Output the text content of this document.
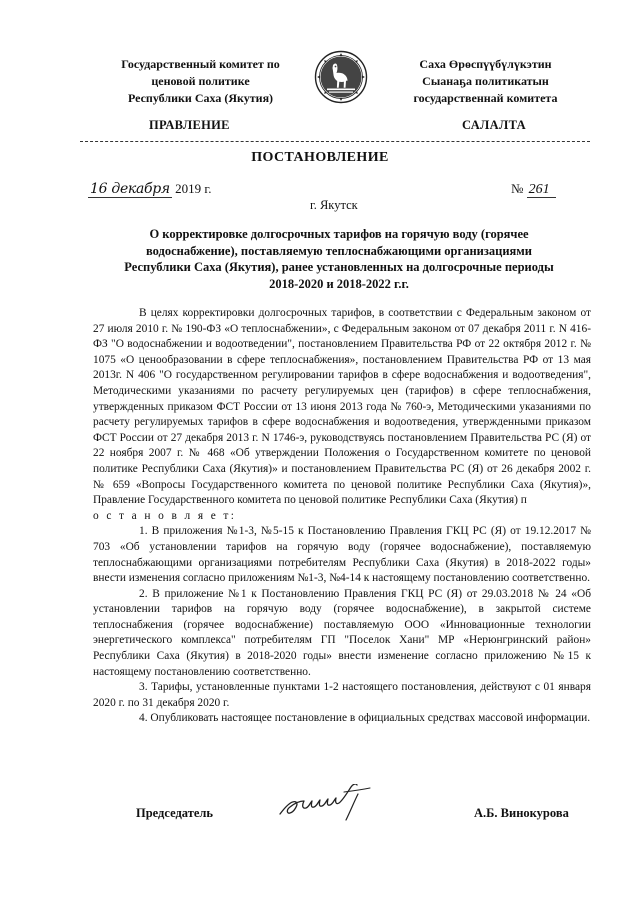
Государственный комитет по
ценовой политике
Республики Саха (Якутия)
Саха Өрөспүүбүлүкэтин
Сыанаҕа политикатын
государственнай комитета
ПРАВЛЕНИЕ	САЛАЛТА
ПОСТАНОВЛЕНИЕ
16 декабря 2019 г.	№ 261
г. Якутск
О корректировке долгосрочных тарифов на горячую воду (горячее
водоснабжение), поставляемую теплоснабжающими организациями
Республики Саха (Якутия), ранее установленных на долгосрочные периоды
2018-2020 и 2018-2022 г.г.

В целях корректировки долгосрочных тарифов, в соответствии с Федеральным законом от 27 июля 2010 г. № 190-ФЗ «О теплоснабжении», с Федеральным законом от 07 декабря 2011 г. N 416-ФЗ "О водоснабжении и водоотведении", постановлением Правительства РФ от 22 октября 2012 г. № 1075 «О ценообразовании в сфере теплоснабжения», постановлением Правительства РФ от 13 мая 2013г. N 406 "О государственном регулировании тарифов в сфере водоснабжения и водоотведения", Методическими указаниями по расчету регулируемых цен (тарифов) в сфере теплоснабжения, утвержденных приказом ФСТ России от 13 июня 2013 года № 760-э, Методическими указаниями по расчету регулируемых тарифов в сфере водоснабжения и водоотведения, утвержденными приказом ФСТ России от 27 декабря 2013 г. N 1746-э, руководствуясь постановлением Правительства РС (Я) от 22 ноября 2007 г. № 468 «Об утверждении Положения о Государственном комитете по ценовой политике Республики Саха (Якутия)» и постановлением Правительства РС (Я) от 26 декабря 2002 г. № 659 «Вопросы Государственного комитета по ценовой политике Республики Саха (Якутия)», Правление Государственного комитета по ценовой политике Республики Саха (Якутия) п

о с т а н о в л я е т:

1. В приложения №1-3, №5-15 к Постановлению Правления ГКЦ РС (Я) от 19.12.2017 № 703 «Об установлении тарифов на горячую воду (горячее водоснабжение), поставляемую теплоснабжающими организациями потребителям Республики Саха (Якутия) в 2018-2022 годы» внести изменения согласно приложениям №1-3, №4-14 к настоящему постановлению соответственно.

2. В приложение №1 к Постановлению Правления ГКЦ РС (Я) от 29.03.2018 № 24 «Об установлении тарифов на горячую воду (горячее водоснабжение), в закрытой системе теплоснабжения (горячее водоснабжение) поставляемую ООО «Инновационные технологии энергетического комплекса" потребителям ГП "Поселок Хани" МР «Нерюнгринский район» Республики Саха (Якутия) в 2018-2020 годы» внести изменение согласно приложению №15 к настоящему постановлению соответственно.

3. Тарифы, установленные пунктами 1-2 настоящего постановления, действуют с 01 января 2020 г. по 31 декабря 2020 г.

4. Опубликовать настоящее постановление в официальных средствах массовой информации.

Председатель	А.Б. Винокурова
